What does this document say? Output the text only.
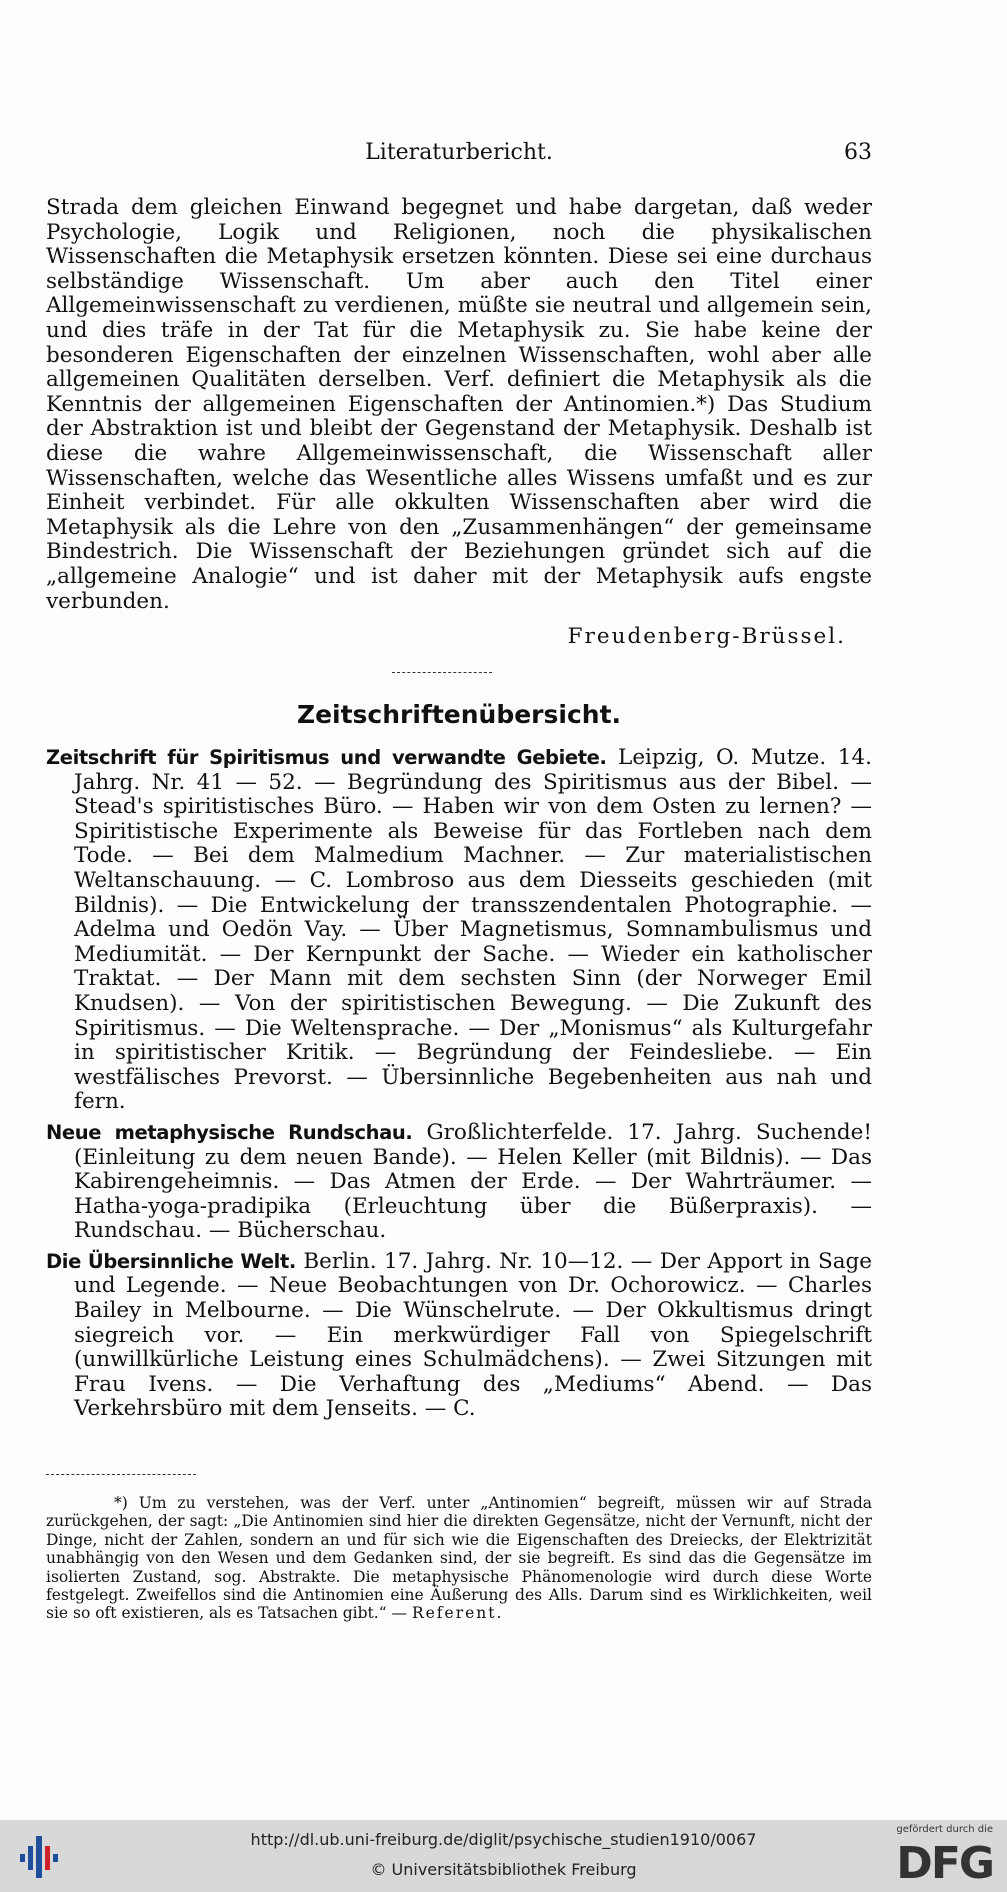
Literaturbericht.	63

Strada dem gleichen Einwand begegnet und habe dargetan, daß weder Psychologie, Logik und Religionen, noch die physikalischen Wissenschaften die Metaphysik ersetzen könnten. Diese sei eine durchaus selbständige Wissenschaft. Um aber auch den Titel einer Allgemeinwissenschaft zu verdienen, müßte sie neutral und allgemein sein, und dies träfe in der Tat für die Metaphysik zu. Sie habe keine der besonderen Eigenschaften der einzelnen Wissenschaften, wohl aber alle allgemeinen Qualitäten derselben. Verf. definiert die Metaphysik als die Kenntnis der allgemeinen Eigenschaften der Antinomien.*) Das Studium der Abstraktion ist und bleibt der Gegenstand der Metaphysik. Deshalb ist diese die wahre Allgemeinwissenschaft, die Wissenschaft aller Wissenschaften, welche das Wesentliche alles Wissens umfaßt und es zur Einheit verbindet. Für alle okkulten Wissenschaften aber wird die Metaphysik als die Lehre von den „Zusammenhängen“ der gemeinsame Bindestrich. Die Wissenschaft der Beziehungen gründet sich auf die „allgemeine Analogie“ und ist daher mit der Metaphysik aufs engste verbunden.

Freudenberg-Brüssel.
Zeitschriftenübersicht.

Zeitschrift für Spiritismus und verwandte Gebiete. Leipzig, O. Mutze. 14. Jahrg. Nr. 41 — 52. — Begründung des Spiritismus aus der Bibel. — Stead's spiritistisches Büro. — Haben wir von dem Osten zu lernen? — Spiritistische Experimente als Beweise für das Fortleben nach dem Tode. — Bei dem Malmedium Machner. — Zur materialistischen Weltanschauung. — C. Lombroso aus dem Diesseits geschieden (mit Bildnis). — Die Entwickelung der transszendentalen Photographie. — Adelma und Oedön Vay. — Über Magnetismus, Somnambulismus und Mediumität. — Der Kernpunkt der Sache. — Wieder ein katholischer Traktat. — Der Mann mit dem sechsten Sinn (der Norweger Emil Knudsen). — Von der spiritistischen Bewegung. — Die Zukunft des Spiritismus. — Die Weltensprache. — Der „Monismus“ als Kulturgefahr in spiritistischer Kritik. — Begründung der Feindesliebe. — Ein westfälisches Prevorst. — Übersinnliche Begebenheiten aus nah und fern.

Neue metaphysische Rundschau. Großlichterfelde. 17. Jahrg. Suchende! (Einleitung zu dem neuen Bande). — Helen Keller (mit Bildnis). — Das Kabirengeheimnis. — Das Atmen der Erde. — Der Wahrträumer. — Hatha-yoga-pradipika (Erleuchtung über die Büßerpraxis). — Rundschau. — Bücherschau.

Die Übersinnliche Welt. Berlin. 17. Jahrg. Nr. 10—12. — Der Apport in Sage und Legende. — Neue Beobachtungen von Dr. Ochorowicz. — Charles Bailey in Melbourne. — Die Wünschelrute. — Der Okkultismus dringt siegreich vor. — Ein merkwürdiger Fall von Spiegelschrift (unwillkürliche Leistung eines Schulmädchens). — Zwei Sitzungen mit Frau Ivens. — Die Verhaftung des „Mediums“ Abend. — Das Verkehrsbüro mit dem Jenseits. — C.

*) Um zu verstehen, was der Verf. unter „Antinomien“ begreift, müssen wir auf Strada zurückgehen, der sagt: „Die Antinomien sind hier die direkten Gegensätze, nicht der Vernunft, nicht der Dinge, nicht der Zahlen, sondern an und für sich wie die Eigenschaften des Dreiecks, der Elektrizität unabhängig von den Wesen und dem Gedanken sind, der sie begreift. Es sind das die Gegensätze im isolierten Zustand, sog. Abstrakte. Die metaphysische Phänomenologie wird durch diese Worte festgelegt. Zweifellos sind die Antinomien eine Äußerung des Alls. Darum sind es Wirklichkeiten, weil sie so oft existieren, als es Tatsachen gibt.“ — Referent.
http://dl.ub.uni-freiburg.de/diglit/psychische_studien1910/0067
© Universitätsbibliothek Freiburg
gefördert durch die
DFG
